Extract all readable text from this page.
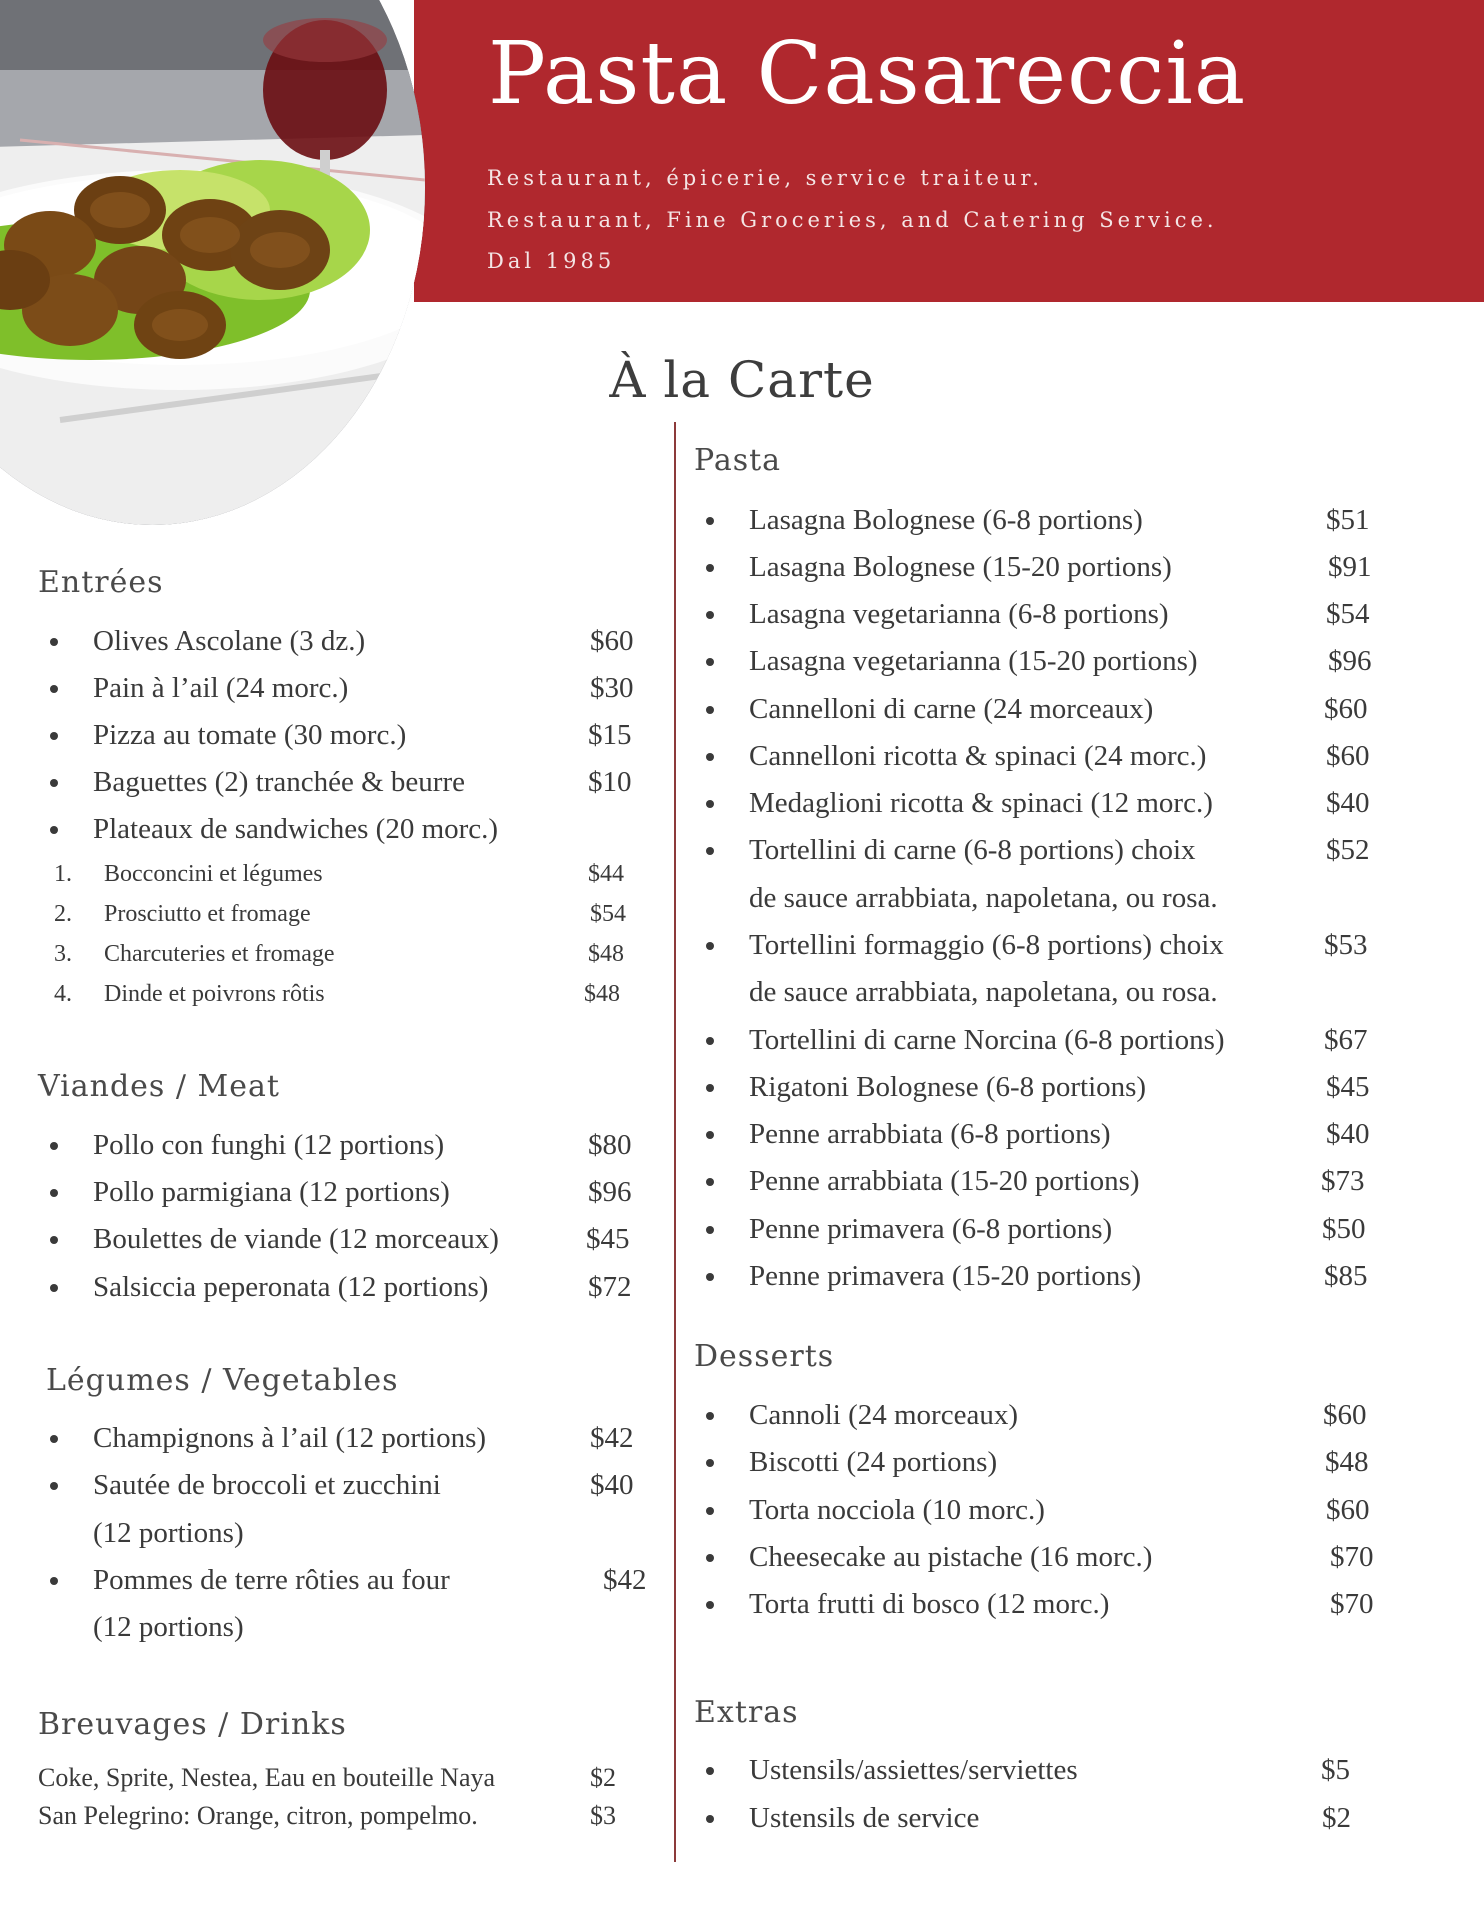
Pasta Casareccia

Restaurant, épicerie, service traiteur.

Restaurant, Fine Groceries, and Catering Service.

Dal 1985

À la Carte
Entrées
Olives Ascolane (3 dz.)	$60
Pain à l’ail (24 morc.)	$30
Pizza au tomate (30 morc.)	$15
Baguettes (2) tranchée & beurre	$10
Plateaux de sandwiches (20 morc.)
1. Bocconcini et légumes	$44
2. Prosciutto et fromage	$54
3. Charcuteries et fromage	$48
4. Dinde et poivrons rôtis	$48
Viandes / Meat
Pollo con funghi (12 portions)	$80
Pollo parmigiana (12 portions)	$96
Boulettes de viande (12 morceaux)	$45
Salsiccia peperonata (12 portions)	$72
Légumes / Vegetables
Champignons à l’ail (12 portions)	$42
Sautée de broccoli et zucchini	$40
(12 portions)
Pommes de terre rôties au four	$42
(12 portions)
Breuvages / Drinks
Coke, Sprite, Nestea, Eau en bouteille Naya	$2
San Pelegrino: Orange, citron, pompelmo.	$3
Pasta
Lasagna Bolognese (6-8 portions)	$51
Lasagna Bolognese (15-20 portions)	$91
Lasagna vegetarianna (6-8 portions)	$54
Lasagna vegetarianna (15-20 portions)	$96
Cannelloni di carne (24 morceaux)	$60
Cannelloni ricotta & spinaci (24 morc.)	$60
Medaglioni ricotta & spinaci (12 morc.)	$40
Tortellini di carne (6-8 portions) choix	$52
de sauce arrabbiata, napoletana, ou rosa.
Tortellini formaggio (6-8 portions) choix	$53
de sauce arrabbiata, napoletana, ou rosa.
Tortellini di carne Norcina (6-8 portions)	$67
Rigatoni Bolognese (6-8 portions)	$45
Penne arrabbiata (6-8 portions)	$40
Penne arrabbiata (15-20 portions)	$73
Penne primavera (6-8 portions)	$50
Penne primavera (15-20 portions)	$85
Desserts
Cannoli (24 morceaux)	$60
Biscotti (24 portions)	$48
Torta nocciola (10 morc.)	$60
Cheesecake au pistache (16 morc.)	$70
Torta frutti di bosco (12 morc.)	$70
Extras
Ustensils/assiettes/serviettes	$5
Ustensils de service	$2
